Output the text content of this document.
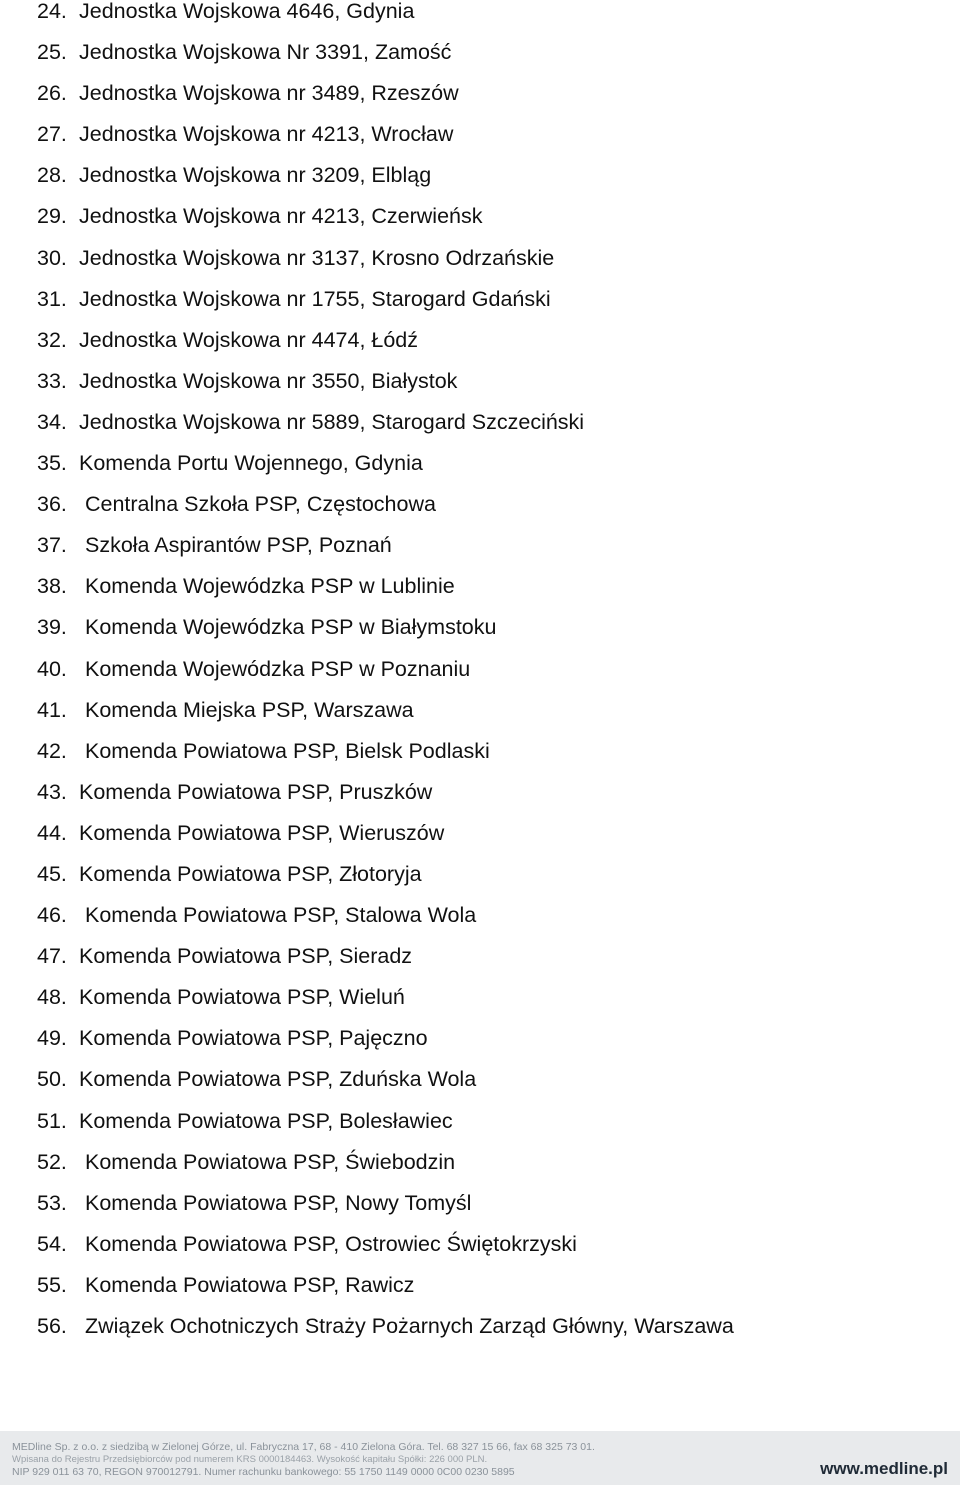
24. Jednostka Wojskowa 4646, Gdynia
25. Jednostka Wojskowa Nr 3391, Zamość
26. Jednostka Wojskowa nr 3489, Rzeszów
27. Jednostka Wojskowa nr 4213, Wrocław
28. Jednostka Wojskowa nr 3209, Elbląg
29. Jednostka Wojskowa nr 4213, Czerwieńsk
30. Jednostka Wojskowa nr 3137, Krosno Odrzańskie
31. Jednostka Wojskowa nr 1755, Starogard Gdański
32. Jednostka Wojskowa nr 4474, Łódź
33. Jednostka Wojskowa nr 3550, Białystok
34. Jednostka Wojskowa nr 5889, Starogard Szczeciński
35. Komenda Portu Wojennego, Gdynia
36. Centralna Szkoła PSP, Częstochowa
37. Szkoła Aspirantów PSP, Poznań
38. Komenda Wojewódzka PSP w Lublinie
39. Komenda Wojewódzka PSP w Białymstoku
40. Komenda Wojewódzka PSP w Poznaniu
41. Komenda Miejska PSP, Warszawa
42. Komenda Powiatowa PSP, Bielsk Podlaski
43. Komenda Powiatowa PSP, Pruszków
44. Komenda Powiatowa PSP, Wieruszów
45. Komenda Powiatowa PSP, Złotoryja
46. Komenda Powiatowa PSP, Stalowa Wola
47. Komenda Powiatowa PSP, Sieradz
48. Komenda Powiatowa PSP, Wieluń
49. Komenda Powiatowa PSP, Pajęczno
50. Komenda Powiatowa PSP, Zduńska Wola
51. Komenda Powiatowa PSP, Bolesławiec
52. Komenda Powiatowa PSP, Świebodzin
53. Komenda Powiatowa PSP, Nowy Tomyśl
54. Komenda Powiatowa PSP, Ostrowiec Świętokrzyski
55. Komenda Powiatowa PSP, Rawicz
56. Związek Ochotniczych Straży Pożarnych Zarząd Główny, Warszawa
MEDline Sp. z o.o. z siedzibą w Zielonej Górze, ul. Fabryczna 17, 68 - 410 Zielona Góra. Tel. 68 327 15 66, fax 68 325 73 01.
Wpisana do Rejestru Przedsiębiorców pod numerem KRS 0000184463. Wysokość kapitału Spółki: 226 000 PLN.
NIP 929 011 63 70, REGON 970012791. Numer rachunku bankowego: 55 1750 1149 0000 0C00 0230 5895	www.medline.pl
